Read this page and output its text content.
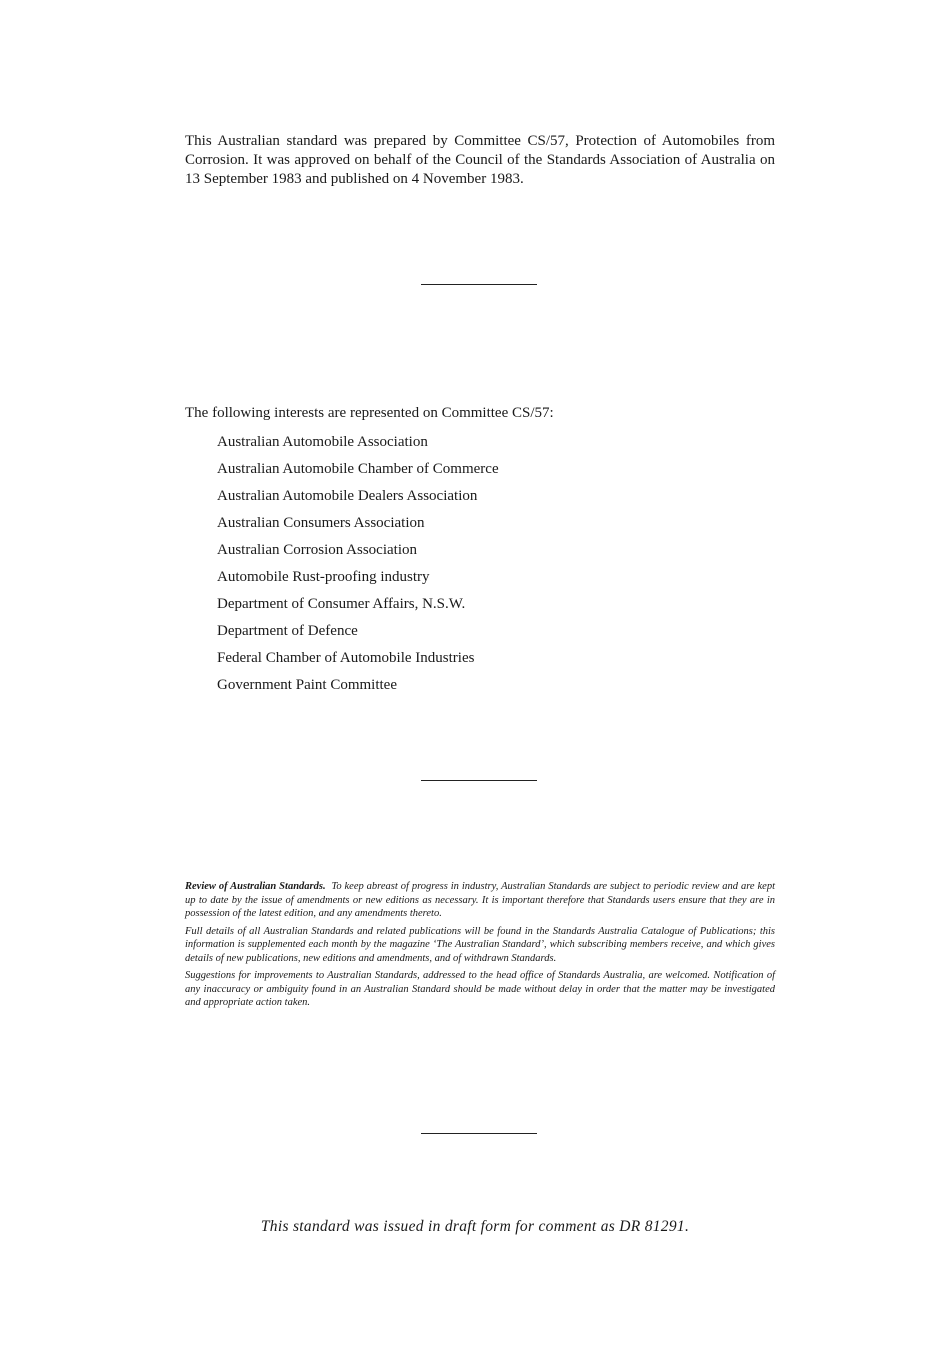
This Australian standard was prepared by Committee CS/57, Protection of Automobiles from Corrosion. It was approved on behalf of the Council of the Standards Association of Australia on 13 September 1983 and published on 4 November 1983.
The following interests are represented on Committee CS/57:
Australian Automobile Association
Australian Automobile Chamber of Commerce
Australian Automobile Dealers Association
Australian Consumers Association
Australian Corrosion Association
Automobile Rust-proofing industry
Department of Consumer Affairs, N.S.W.
Department of Defence
Federal Chamber of Automobile Industries
Government Paint Committee

Review of Australian Standards. To keep abreast of progress in industry, Australian Standards are subject to periodic review and are kept up to date by the issue of amendments or new editions as necessary. It is important therefore that Standards users ensure that they are in possession of the latest edition, and any amendments thereto.

Full details of all Australian Standards and related publications will be found in the Standards Australia Catalogue of Publications; this information is supplemented each month by the magazine ‘The Australian Standard’, which subscribing members receive, and which gives details of new publications, new editions and amendments, and of withdrawn Standards.

Suggestions for improvements to Australian Standards, addressed to the head office of Standards Australia, are welcomed. Notification of any inaccuracy or ambiguity found in an Australian Standard should be made without delay in order that the matter may be investigated and appropriate action taken.

This standard was issued in draft form for comment as DR 81291.
